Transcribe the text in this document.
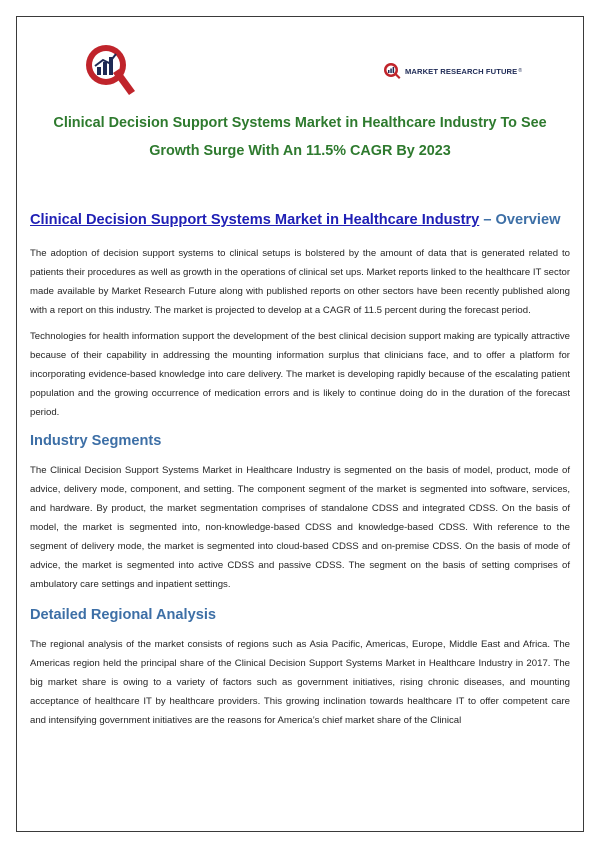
MARKET RESEARCH FUTURE ®
Clinical Decision Support Systems Market in Healthcare Industry To See Growth Surge With An 11.5% CAGR By 2023
Clinical Decision Support Systems Market in Healthcare Industry – Overview

The adoption of decision support systems to clinical setups is bolstered by the amount of data that is generated related to patients their procedures as well as growth in the operations of clinical set ups. Market reports linked to the healthcare IT sector made available by Market Research Future along with published reports on other sectors have been recently published along with a report on this industry. The market is projected to develop at a CAGR of 11.5 percent during the forecast period.

Technologies for health information support the development of the best clinical decision support making are typically attractive because of their capability in addressing the mounting information surplus that clinicians face, and to offer a platform for incorporating evidence-based knowledge into care delivery. The market is developing rapidly because of the escalating patient population and the growing occurrence of medication errors and is likely to continue doing do in the duration of the forecast period.

Industry Segments

The Clinical Decision Support Systems Market in Healthcare Industry is segmented on the basis of model, product, mode of advice, delivery mode, component, and setting. The component segment of the market is segmented into software, services, and hardware. By product, the market segmentation comprises of standalone CDSS and integrated CDSS. On the basis of model, the market is segmented into, non-knowledge-based CDSS and knowledge-based CDSS. With reference to the segment of delivery mode, the market is segmented into cloud-based CDSS and on-premise CDSS. On the basis of mode of advice, the market is segmented into active CDSS and passive CDSS. The segment on the basis of setting comprises of ambulatory care settings and inpatient settings.

Detailed Regional Analysis

The regional analysis of the market consists of regions such as Asia Pacific, Americas, Europe, Middle East and Africa. The Americas region held the principal share of the Clinical Decision Support Systems Market in Healthcare Industry in 2017. The big market share is owing to a variety of factors such as government initiatives, rising chronic diseases, and mounting acceptance of healthcare IT by healthcare providers. This growing inclination towards healthcare IT to offer competent care and intensifying government initiatives are the reasons for America’s chief market share of the Clinical
